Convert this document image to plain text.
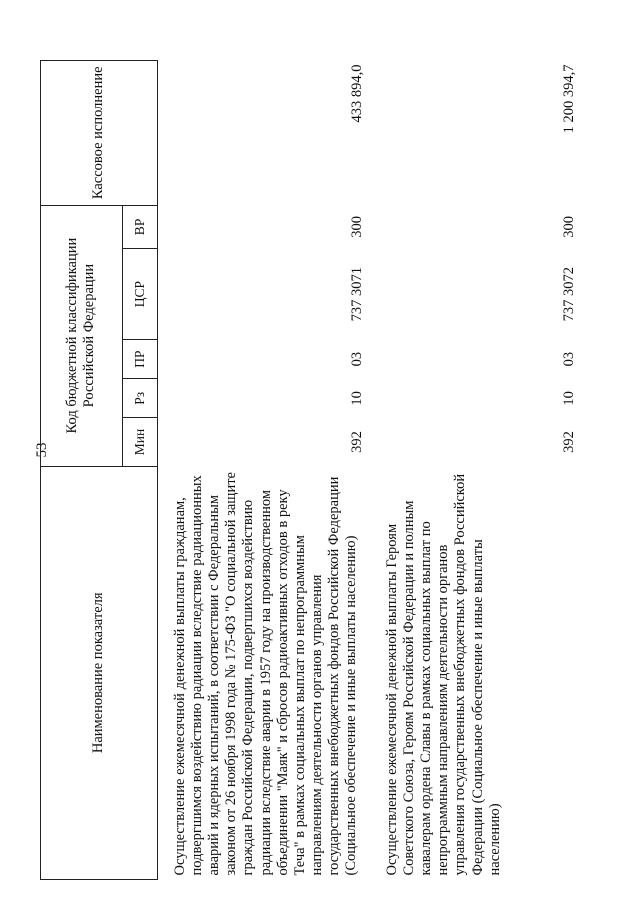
53
Наименование показателя	Код бюджетной классификации Российской Федерации					Кассовое исполнение
	Мин	Рз	ПР	ЦСР	ВР	
Осуществление ежемесячной денежной выплаты гражданам, подвергшимся воздействию радиации вследствие радиационных аварий и ядерных испытаний, в соответствии с Федеральным законом от 26 ноября 1998 года № 175-ФЗ "О социальной защите граждан Российской Федерации, подвергшихся воздействию радиации вследствие аварии в 1957 году на производственном объединении "Маяк" и сбросов радиоактивных отходов в реку Теча" в рамках социальных выплат по непрограммным направлениям деятельности органов управления государственных внебюджетных фондов Российской Федерации (Социальное обеспечение и иные выплаты населению)	392	10	03	737 3071	300	433 894,0
Осуществление ежемесячной денежной выплаты Героям Советского Союза, Героям Российской Федерации и полным кавалерам ордена Славы в рамках социальных выплат по непрограммным направлениям деятельности органов управления государственных внебюджетных фондов Российской Федерации (Социальное обеспечение и иные выплаты населению)	392	10	03	737 3072	300	1 200 394,7
